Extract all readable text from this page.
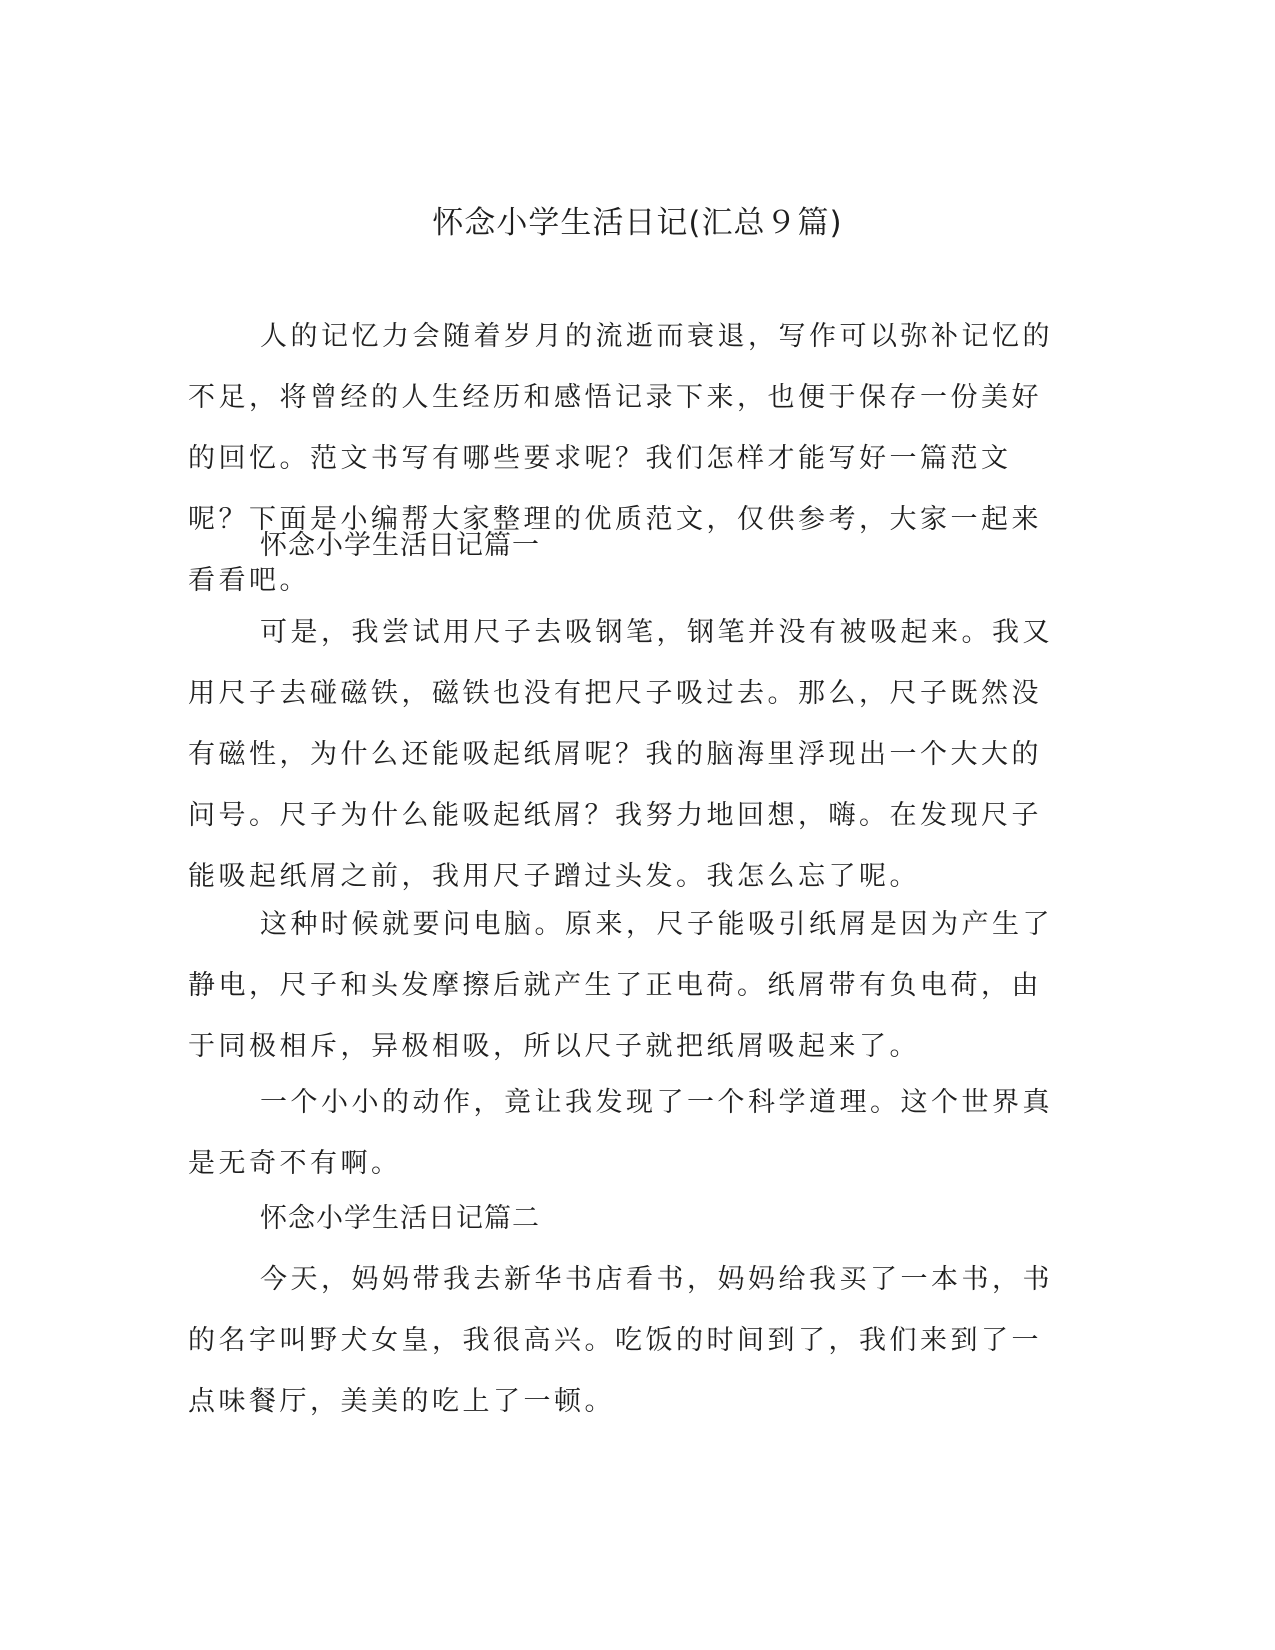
怀念小学生活日记(汇总９篇)

人的记忆力会随着岁月的流逝而衰退，写作可以弥补记忆的不足，将曾经的人生经历和感悟记录下来，也便于保存一份美好的回忆。范文书写有哪些要求呢？我们怎样才能写好一篇范文呢？下面是小编帮大家整理的优质范文，仅供参考，大家一起来看看吧。

怀念小学生活日记篇一

可是，我尝试用尺子去吸钢笔，钢笔并没有被吸起来。我又用尺子去碰磁铁，磁铁也没有把尺子吸过去。那么，尺子既然没有磁性，为什么还能吸起纸屑呢？我的脑海里浮现出一个大大的问号。尺子为什么能吸起纸屑？我努力地回想，嗨。在发现尺子能吸起纸屑之前，我用尺子蹭过头发。我怎么忘了呢。

这种时候就要问电脑。原来，尺子能吸引纸屑是因为产生了静电，尺子和头发摩擦后就产生了正电荷。纸屑带有负电荷，由于同极相斥，异极相吸，所以尺子就把纸屑吸起来了。

一个小小的动作，竟让我发现了一个科学道理。这个世界真是无奇不有啊。

怀念小学生活日记篇二

今天，妈妈带我去新华书店看书，妈妈给我买了一本书，书的名字叫野犬女皇，我很高兴。吃饭的时间到了，我们来到了一点味餐厅，美美的吃上了一顿。
